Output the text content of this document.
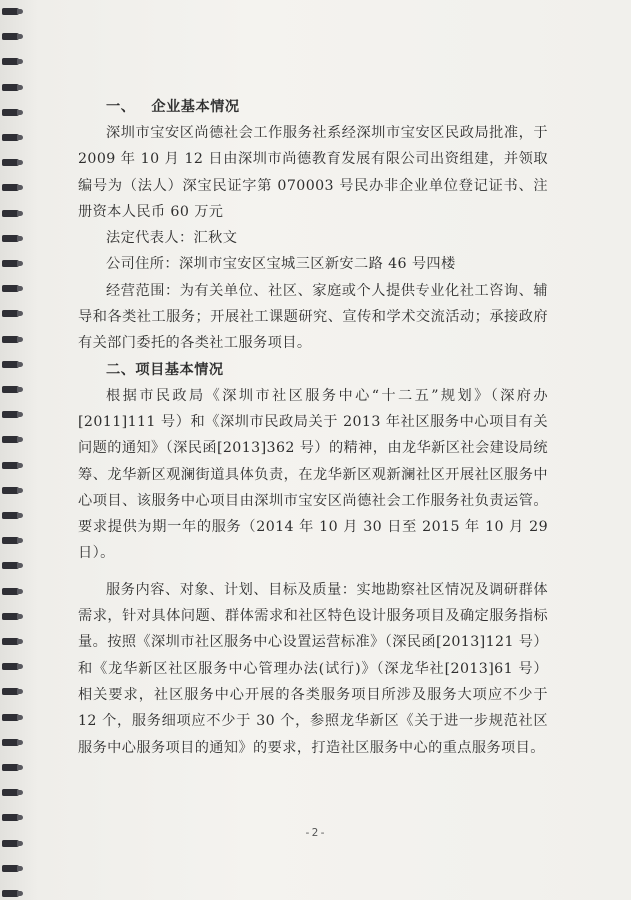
一、 企业基本情况

深圳市宝安区尚德社会工作服务社系经深圳市宝安区民政局批准，于 2009 年 10 月 12 日由深圳市尚德教育发展有限公司出资组建，并领取编号为（法人）深宝民证字第 070003 号民办非企业单位登记证书、注册资本人民币 60 万元

法定代表人：汇秋文

公司住所：深圳市宝安区宝城三区新安二路 46 号四楼

经营范围：为有关单位、社区、家庭或个人提供专业化社工咨询、辅导和各类社工服务；开展社工课题研究、宣传和学术交流活动；承接政府有关部门委托的各类社工服务项目。

二、项目基本情况

根据市民政局《深圳市社区服务中心“十二五”规划》（深府办[2011]111 号）和《深圳市民政局关于 2013 年社区服务中心项目有关问题的通知》（深民函[2013]362 号）的精神，由龙华新区社会建设局统筹、龙华新区观澜街道具体负责，在龙华新区观新澜社区开展社区服务中心项目、该服务中心项目由深圳市宝安区尚德社会工作服务社负责运管。要求提供为期一年的服务（2014 年 10 月 30 日至 2015 年 10 月 29 日）。

服务内容、对象、计划、目标及质量：实地勘察社区情况及调研群体需求，针对具体问题、群体需求和社区特色设计服务项目及确定服务指标量。按照《深圳市社区服务中心设置运营标准》（深民函[2013]121 号）和《龙华新区社区服务中心管理办法(试行)》（深龙华社[2013]61 号）相关要求，社区服务中心开展的各类服务项目所涉及服务大项应不少于 12 个，服务细项应不少于 30 个，参照龙华新区《关于进一步规范社区服务中心服务项目的通知》的要求，打造社区服务中心的重点服务项目。

-2-
